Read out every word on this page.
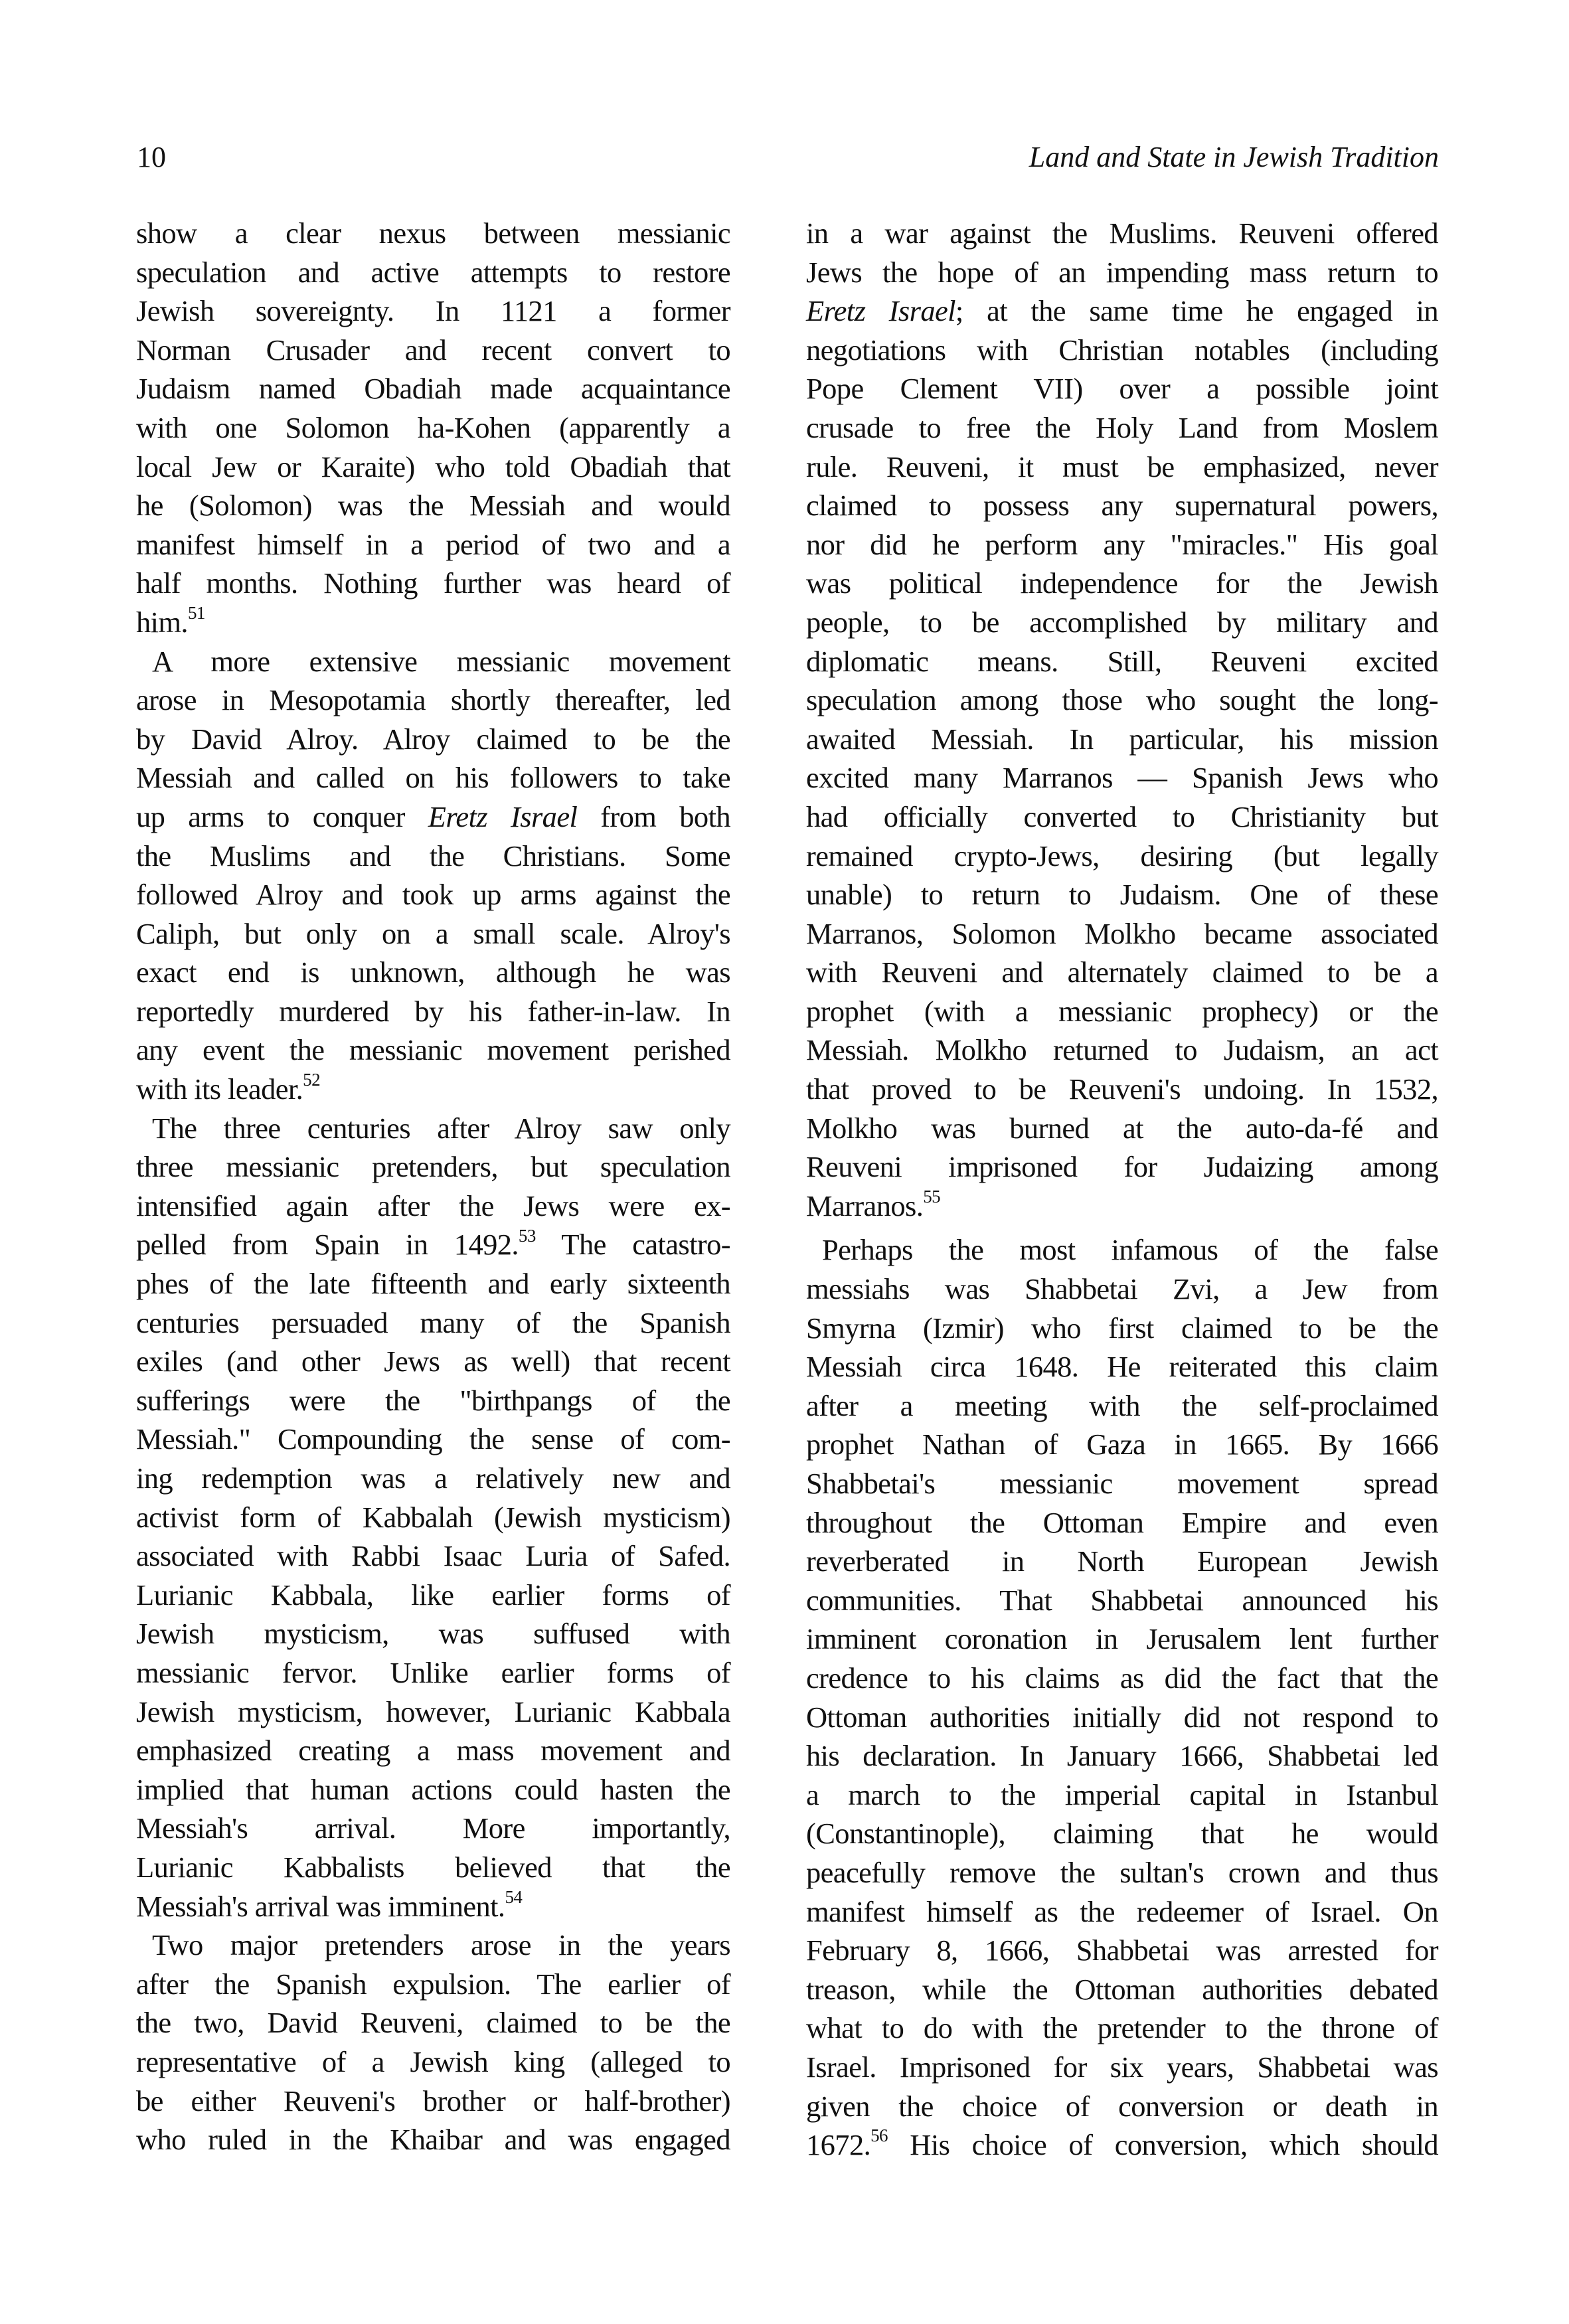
10	Land and State in Jewish Tradition
show a clear nexus between messianic
speculation and active attempts to restore
Jewish sovereignty. In 1121 a former
Norman Crusader and recent convert to
Judaism named Obadiah made acquaintance
with one Solomon ha-Kohen (apparently a
local Jew or Karaite) who told Obadiah that
he (Solomon) was the Messiah and would
manifest himself in a period of two and a
half months. Nothing further was heard of
him.$^{51}$
A more extensive messianic movement
arose in Mesopotamia shortly thereafter, led
by David Alroy. Alroy claimed to be the
Messiah and called on his followers to take
up arms to conquer Eretz Israel from both
the Muslims and the Christians. Some
followed Alroy and took up arms against the
Caliph, but only on a small scale. Alroy's
exact end is unknown, although he was
reportedly murdered by his father-in-law. In
any event the messianic movement perished
with its leader.$^{52}$
The three centuries after Alroy saw only
three messianic pretenders, but speculation
intensified again after the Jews were ex-
pelled from Spain in 1492.53 The catastro-
phes of the late fifteenth and early sixteenth
centuries persuaded many of the Spanish
exiles (and other Jews as well) that recent
sufferings were the "birthpangs of the
Messiah." Compounding the sense of com-
ing redemption was a relatively new and
activist form of Kabbalah (Jewish mysticism)
associated with Rabbi Isaac Luria of Safed.
Lurianic Kabbala, like earlier forms of
Jewish mysticism, was suffused with
messianic fervor. Unlike earlier forms of
Jewish mysticism, however, Lurianic Kabbala
emphasized creating a mass movement and
implied that human actions could hasten the
Messiah's arrival. More importantly,
Lurianic Kabbalists believed that the
Messiah's arrival was imminent.$^{54}$
Two major pretenders arose in the years
after the Spanish expulsion. The earlier of
the two, David Reuveni, claimed to be the
representative of a Jewish king (alleged to
be either Reuveni's brother or half-brother)
who ruled in the Khaibar and was engaged
in a war against the Muslims. Reuveni offered
Jews the hope of an impending mass return to
Eretz Israel; at the same time he engaged in
negotiations with Christian notables (including
Pope Clement VII) over a possible joint
crusade to free the Holy Land from Moslem
rule. Reuveni, it must be emphasized, never
claimed to possess any supernatural powers,
nor did he perform any "miracles." His goal
was political independence for the Jewish
people, to be accomplished by military and
diplomatic means. Still, Reuveni excited
speculation among those who sought the long-
awaited Messiah. In particular, his mission
excited many Marranos — Spanish Jews who
had officially converted to Christianity but
remained crypto-Jews, desiring (but legally
unable) to return to Judaism. One of these
Marranos, Solomon Molkho became associated
with Reuveni and alternately claimed to be a
prophet (with a messianic prophecy) or the
Messiah. Molkho returned to Judaism, an act
that proved to be Reuveni's undoing. In 1532,
Molkho was burned at the auto-da-fé and
Reuveni imprisoned for Judaizing among
Marranos.$^{55}$
Perhaps the most infamous of the false
messiahs was Shabbetai Zvi, a Jew from
Smyrna (Izmir) who first claimed to be the
Messiah circa 1648. He reiterated this claim
after a meeting with the self-proclaimed
prophet Nathan of Gaza in 1665. By 1666
Shabbetai's messianic movement spread
throughout the Ottoman Empire and even
reverberated in North European Jewish
communities. That Shabbetai announced his
imminent coronation in Jerusalem lent further
credence to his claims as did the fact that the
Ottoman authorities initially did not respond to
his declaration. In January 1666, Shabbetai led
a march to the imperial capital in Istanbul
(Constantinople), claiming that he would
peacefully remove the sultan's crown and thus
manifest himself as the redeemer of Israel. On
February 8, 1666, Shabbetai was arrested for
treason, while the Ottoman authorities debated
what to do with the pretender to the throne of
Israel. Imprisoned for six years, Shabbetai was
given the choice of conversion or death in
1672.56 His choice of conversion, which should
